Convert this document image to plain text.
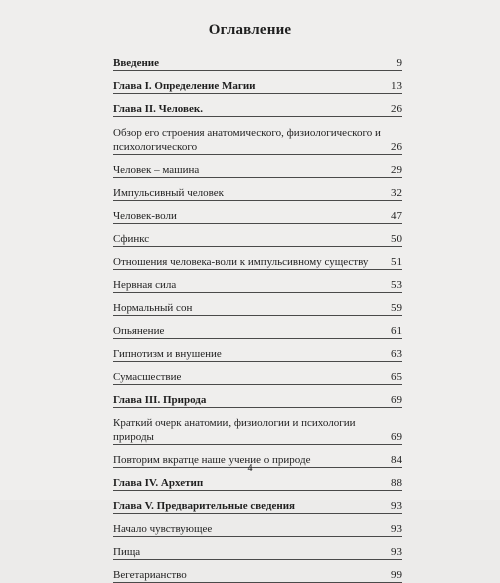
Оглавление
Введение	9
Глава I. Определение Магии	13
Глава II. Человек.	26
Обзор его строения анатомического, физиологического и психологического	26
Человек – машина	29
Импульсивный человек	32
Человек-воли	47
Сфинкс	50
Отношения человека-воли к импульсивному существу	51
Нервная сила	53
Нормальный сон	59
Опьянение	61
Гипнотизм и внушение	63
Сумасшествие	65
Глава III. Природа	69
Краткий очерк анатомии, физиологии и психологии природы	69
Повторим вкратце наше учение о природе	84
Глава IV. Архетип	88
Глава V. Предварительные сведения	93
Начало чувствующее	93
Пища	93
Вегетарианство	99
4
